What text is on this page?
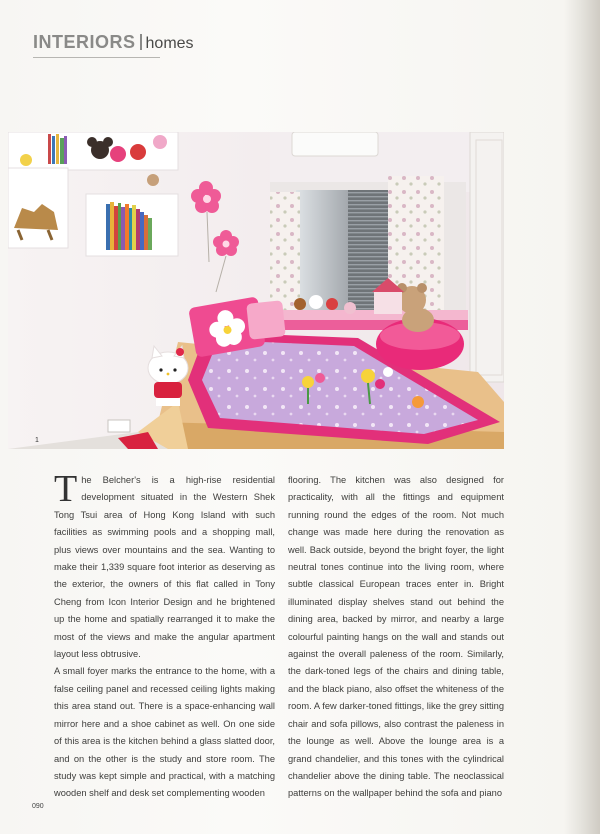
INTERIORS homes
1
T he Belcher's is a high-rise residential development situated in the Western Shek Tong Tsui area of Hong Kong Island with such facilities as swimming pools and a shopping mall, plus views over mountains and the sea. Wanting to make their 1,339 square foot interior as deserving as the exterior, the owners of this flat called in Tony Cheng from Icon Interior Design and he brightened up the home and spatially rearranged it to make the most of the views and make the angular apartment layout less obtrusive.

A small foyer marks the entrance to the home, with a false ceiling panel and recessed ceiling lights making this area stand out. There is a space-enhancing wall mirror here and a shoe cabinet as well. On one side of this area is the kitchen behind a glass slatted door, and on the other is the study and store room. The study was kept simple and practical, with a matching wooden shelf and desk set complementing wooden

flooring. The kitchen was also designed for practicality, with all the fittings and equipment running round the edges of the room. Not much change was made here during the renovation as well. Back outside, beyond the bright foyer, the light neutral tones continue into the living room, where subtle classical European traces enter in. Bright illuminated display shelves stand out behind the dining area, backed by mirror, and nearby a large colourful painting hangs on the wall and stands out against the overall paleness of the room. Similarly, the dark-toned legs of the chairs and dining table, and the black piano, also offset the whiteness of the room. A few darker-toned fittings, like the grey sitting chair and sofa pillows, also contrast the paleness in the lounge as well. Above the lounge area is a grand chandelier, and this tones with the cylindrical chandelier above the dining table. The neoclassical patterns on the wallpaper behind the sofa and piano

090
